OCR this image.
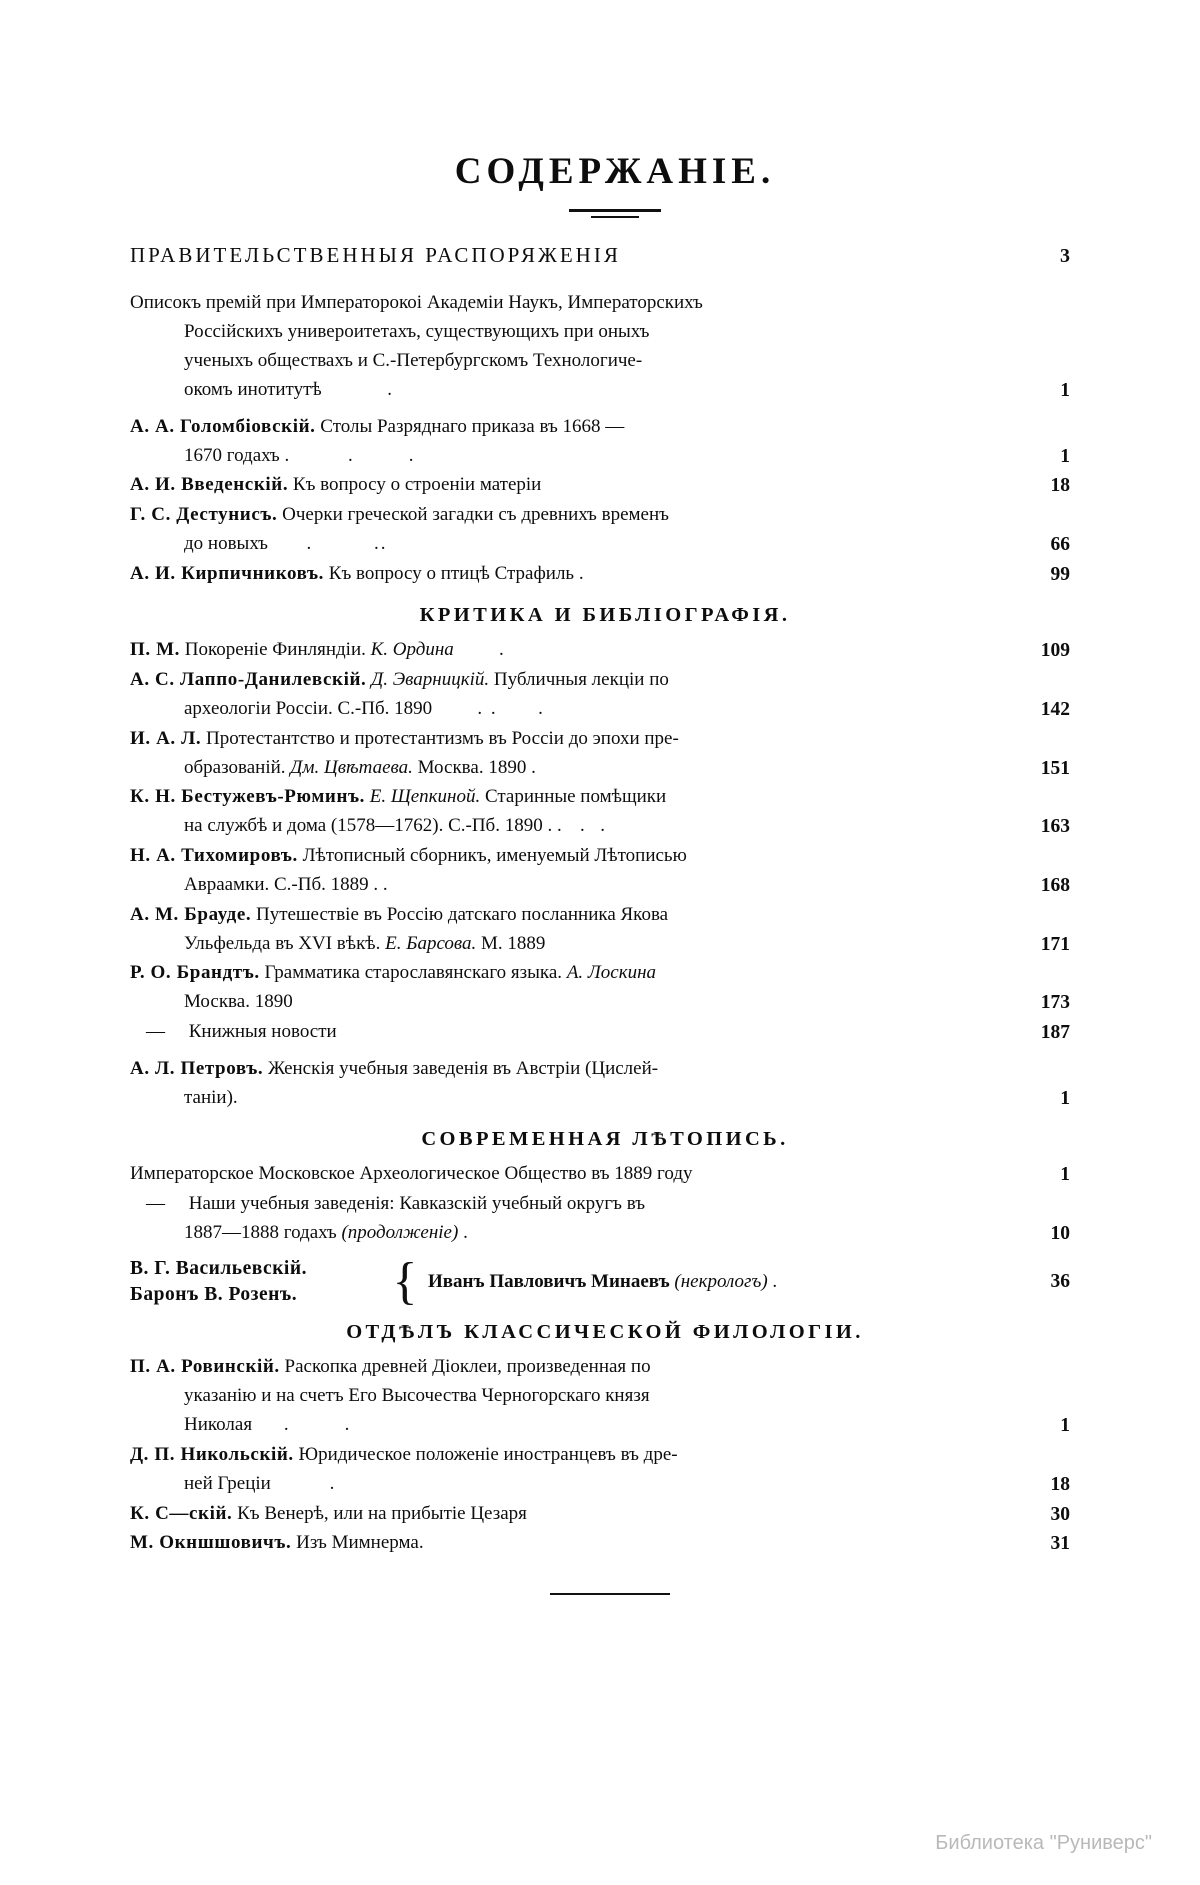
СОДЕРЖАНІЕ.
ПРАВИТЕЛЬСТВЕННЫЯ РАСПОРЯЖЕНІЯ	3
Описокъ премій при Императорокоі Академіи Наукъ, Императорскихъ
Россійскихъ универоитетахъ, существующихъ при оныхъ
ученыхъ обществахъ и С.-Петербургскомъ Технологиче-
окомъ инотитутѣ          .	1
А. А. Голомбіовскій. Столы Разряднаго приказа въ 1668 —
1670 годахъ .         .        .	1
А. И. Введенскій. Къ вопросу о строеніи матеріи	18
Г. С. Дестунисъ. Очерки греческой загадки съ древнихъ временъ
до новыхъ      .         ..	66
А. И. Кирпичниковъ. Къ вопросу о птицѣ Страфиль .	99
КРИТИКА И БИБЛІОГРАФІЯ.
П. М. Покореніе Финляндіи. К. Ордина       .	109
А. С. Лаппо-Данилевскій. Д. Эварницкій. Публичныя лекціи по
археологіи Россіи. С.-Пб. 1890       . .      .	142
И. А. Л. Протестантство и протестантизмъ въ Россіи до эпохи пре-
образованій. Дм. Цвѣтаева. Москва. 1890 .	151
К. Н. Бестужевъ-Рюминъ. Е. Щепкиной. Старинные помѣщики
на службѣ и дома (1578—1762). С.-Пб. 1890 . .   .  .	163
Н. А. Тихомировъ. Лѣтописный сборникъ, именуемый Лѣтописью
Авраамки. С.-Пб. 1889 . .	168
А. М. Брауде. Путешествіе въ Россію датскаго посланника Якова
Ульфельда въ XVI вѣкѣ. Е. Барсова. М. 1889	171
Р. О. Брандтъ. Грамматика старославянскаго языка. А. Лоскина
Москва. 1890	173
— Книжныя новости	187
А. Л. Петровъ. Женскія учебныя заведенія въ Австріи (Цислей-
таніи).	1
СОВРЕМЕННАЯ ЛѢТОПИСЬ.
Императорское Московское Археологическое Общество въ 1889 году	1
— Наши учебныя заведенія: Кавказскій учебный округъ въ
1887—1888 годахъ (продолженіе) .	10
В. Г. Васильевскій.
Баронъ В. Розенъ.	{ Иванъ Павловичъ Минаевъ (некрологъ) .	36
ОТДѢЛЪ КЛАССИЧЕСКОЙ ФИЛОЛОГІИ.
П. А. Ровинскій. Раскопка древней Діоклеи, произведенная по
указанію и на счетъ Его Высочества Черногорскаго князя
Николая     .        .	1
Д. П. Никольскій. Юридическое положеніе иностранцевъ въ дре-
ней Греціи         .	18
К. С—скій. Къ Венерѣ, или на прибытіе Цезаря	30
М. Окншшовичъ. Изъ Мимнерма.	31
Библиотека "Руниверс"
